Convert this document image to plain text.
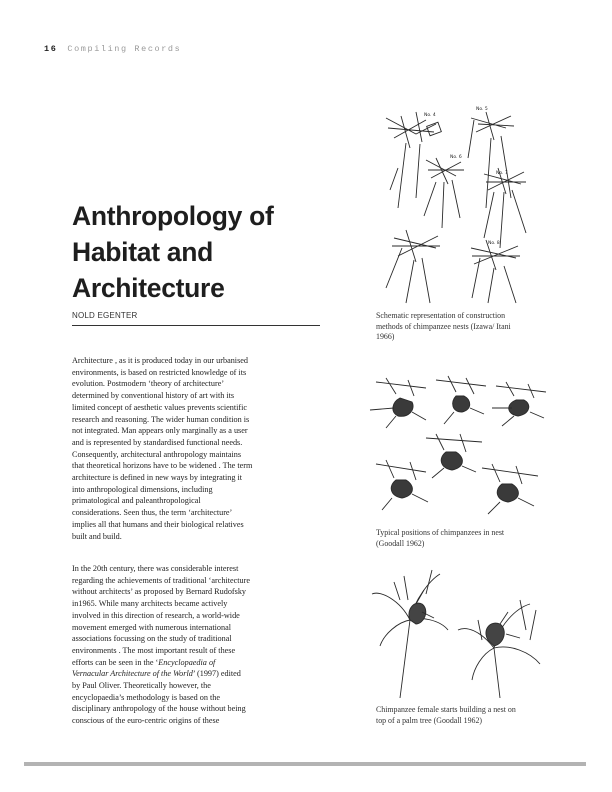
16 Compiling Records
Anthropology of
Habitat and
Architecture
NOLD EGENTER
Architecture , as it is produced today in our urbanised
environments, is based on restricted knowledge of its
evolution. Postmodern ‘theory of architecture’
determined by conventional history of art with its
limited concept of aesthetic values prevents scientific
research and reasoning. The wider human condition is
not integrated. Man appears only marginally as a user
and is represented by standardised functional needs.
Consequently, architectural anthropology maintains
that theoretical horizons have to be widened . The term
architecture is defined in new ways by integrating it
into anthropological dimensions, including
primatological and paleanthropological
considerations. Seen thus, the term ‘architecture’
implies all that humans and their biological relatives
built and build.
In the 20th century, there was considerable interest
regarding the achievements of traditional ‘architecture
without architects’ as proposed by Bernard Rudofsky
in1965. While many architects became actively
involved in this direction of research, a world-wide
movement emerged with numerous international
associations focussing on the study of traditional
environments . The most important result of these
efforts can be seen in the ‘Encyclopaedia of
Vernacular Architecture of the World’ (1997) edited
by Paul Oliver. Theoretically however, the
encyclopaedia’s methodology is based on the
disciplinary anthropology of the house without being
conscious of the euro-centric origins of these
No. 4
No. 5
No. 6
No. 7
No. 8
Schematic representation of construction
methods of chimpanzee nests (Izawa/ Itani
1966)
Typical positions of chimpanzees in nest
(Goodall 1962)
Chimpanzee female starts building a nest on
top of a palm tree (Goodall 1962)
